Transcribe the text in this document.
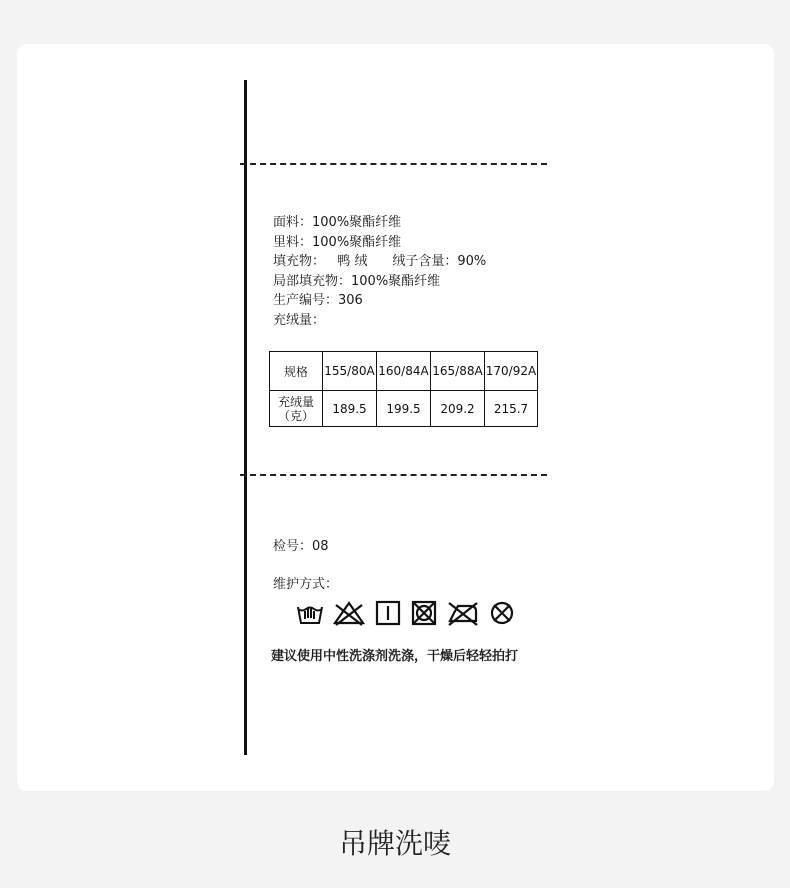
面料：100%聚酯纤维
里料：100%聚酯纤维
填充物：   鸭 绒      绒子含量：90%
局部填充物：100%聚酯纤维
生产编号：306
充绒量：
规格	155/80A	160/84A	165/88A	170/92A

充绒量
（克）	189.5	199.5	209.2	215.7
检号：08
维护方式：
建议使用中性洗涤剂洗涤，干燥后轻轻拍打
吊牌洗唛
